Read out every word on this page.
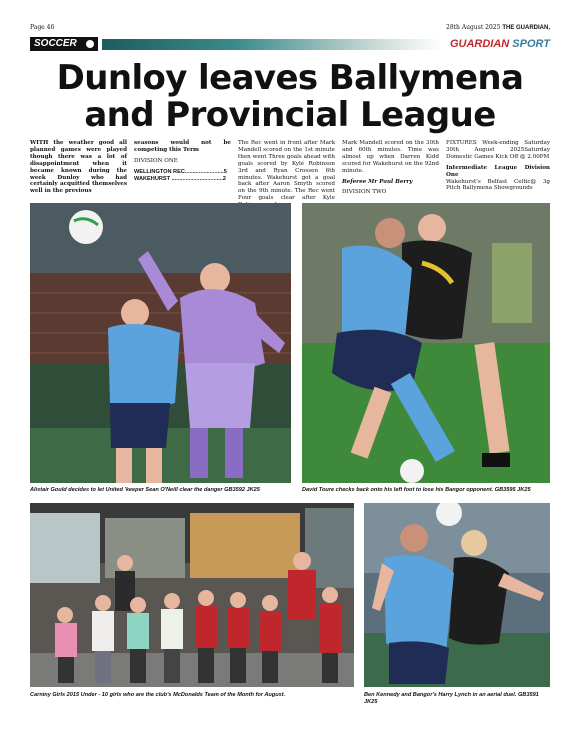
Page 46	28th August 2025 THE GUARDIAN,
SOCCER	GUARDIAN SPORT
Dunloy leaves Ballymena and Provincial League

WITH the weather good all planned games were played though there was a lot of disappointment when it became known during the week Dunloy who had certainly acquitted themselves well in the previous

seasons would not be competing this Term

DIVISION ONE

WELLINGTON REC.........................5
WAKEHURST .................................2

The Rec went in front after Mark Mandell scored on the 1st minute then went Three goals ahead with goals scored by Kyle Robinson 3rd and Ryan Crossen 6th minutes. Wakehurst got a goal back after Aaron Smyth scored on the 9th minute. The Rec went Four goals clear after Kyle

Mark Mandell scored on the 30th and 60th minutes. Time was almost up when Darren Kidd scored for Wakehurst on the 92nd minute.

Referee Mr Paul Berry

DIVISION TWO

FIXTURES Week-ending Saturday 30th August 2025Saturday Domestic Games Kick Off @ 2.00PM

Intermediate League Division One

Wakehurst's Belfast Celtic@ 3g Pitch Ballymena Showgrounds

Alistair Gould decides to let United 'keeper Sean O'Neill clear the danger GB3592 JK25	David Toure checks back onto his left foot to lose his Bangor opponent. GB3595 JK25
Carniny Girls 2015 Under - 10 girls who are the club's McDonalds Team of the Month for August.	Ben Kennedy and Bangor's Harry Lynch in an aerial duel. GB3591 JK25
